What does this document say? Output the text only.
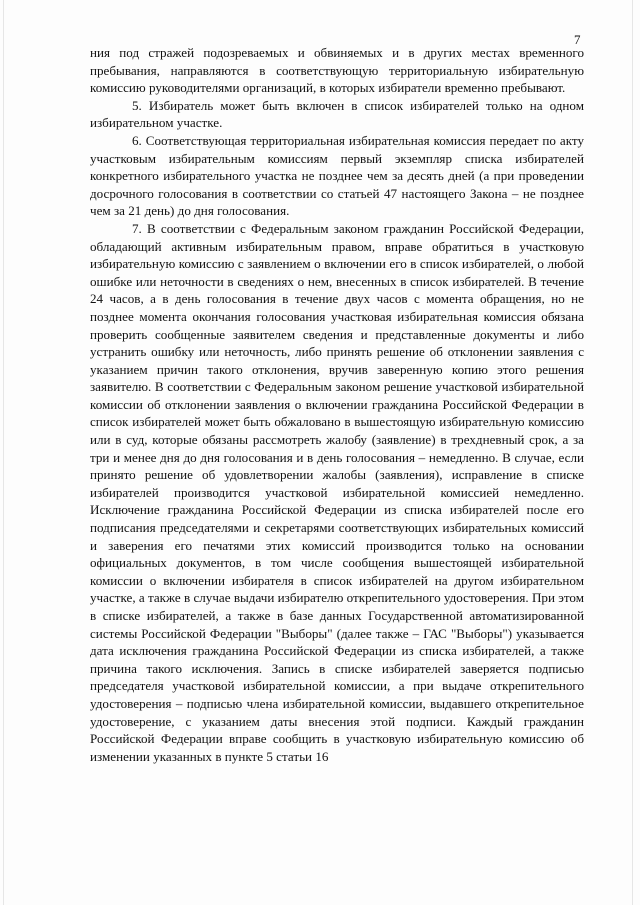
7

ния под стражей подозреваемых и обвиняемых и в других местах временного пребывания, направляются в соответствующую территориальную избирательную комиссию руководителями организаций, в которых избиратели временно пребывают.

5. Избиратель может быть включен в список избирателей только на одном избирательном участке.

6. Соответствующая территориальная избирательная комиссия передает по акту участковым избирательным комиссиям первый экземпляр списка избирателей конкретного избирательного участка не позднее чем за десять дней (а при проведении досрочного голосования в соответствии со статьей 47 настоящего Закона – не позднее чем за 21 день) до дня голосования.

7. В соответствии с Федеральным законом гражданин Российской Федерации, обладающий активным избирательным правом, вправе обратиться в участковую избирательную комиссию с заявлением о включении его в список избирателей, о любой ошибке или неточности в сведениях о нем, внесенных в список избирателей. В течение 24 часов, а в день голосования в течение двух часов с момента обращения, но не позднее момента окончания голосования участковая избирательная комиссия обязана проверить сообщенные заявителем сведения и представленные документы и либо устранить ошибку или неточность, либо принять решение об отклонении заявления с указанием причин такого отклонения, вручив заверенную копию этого решения заявителю. В соответствии с Федеральным законом решение участковой избирательной комиссии об отклонении заявления о включении гражданина Российской Федерации в список избирателей может быть обжаловано в вышестоящую избирательную комиссию или в суд, которые обязаны рассмотреть жалобу (заявление) в трехдневный срок, а за три и менее дня до дня голосования и в день голосования – немедленно. В случае, если принято решение об удовлетворении жалобы (заявления), исправление в списке избирателей производится участковой избирательной комиссией немедленно. Исключение гражданина Российской Федерации из списка избирателей после его подписания председателями и секретарями соответствующих избирательных комиссий и заверения его печатями этих комиссий производится только на основании официальных документов, в том числе сообщения вышестоящей избирательной комиссии о включении избирателя в список избирателей на другом избирательном участке, а также в случае выдачи избирателю открепительного удостоверения. При этом в списке избирателей, а также в базе данных Государственной автоматизированной системы Российской Федерации "Выборы" (далее также – ГАС "Выборы") указывается дата исключения гражданина Российской Федерации из списка избирателей, а также причина такого исключения. Запись в списке избирателей заверяется подписью председателя участковой избирательной комиссии, а при выдаче открепительного удостоверения – подписью члена избирательной комиссии, выдавшего открепительное удостоверение, с указанием даты внесения этой подписи. Каждый гражданин Российской Федерации вправе сообщить в участковую избирательную комиссию об изменении указанных в пункте 5 статьи 16
